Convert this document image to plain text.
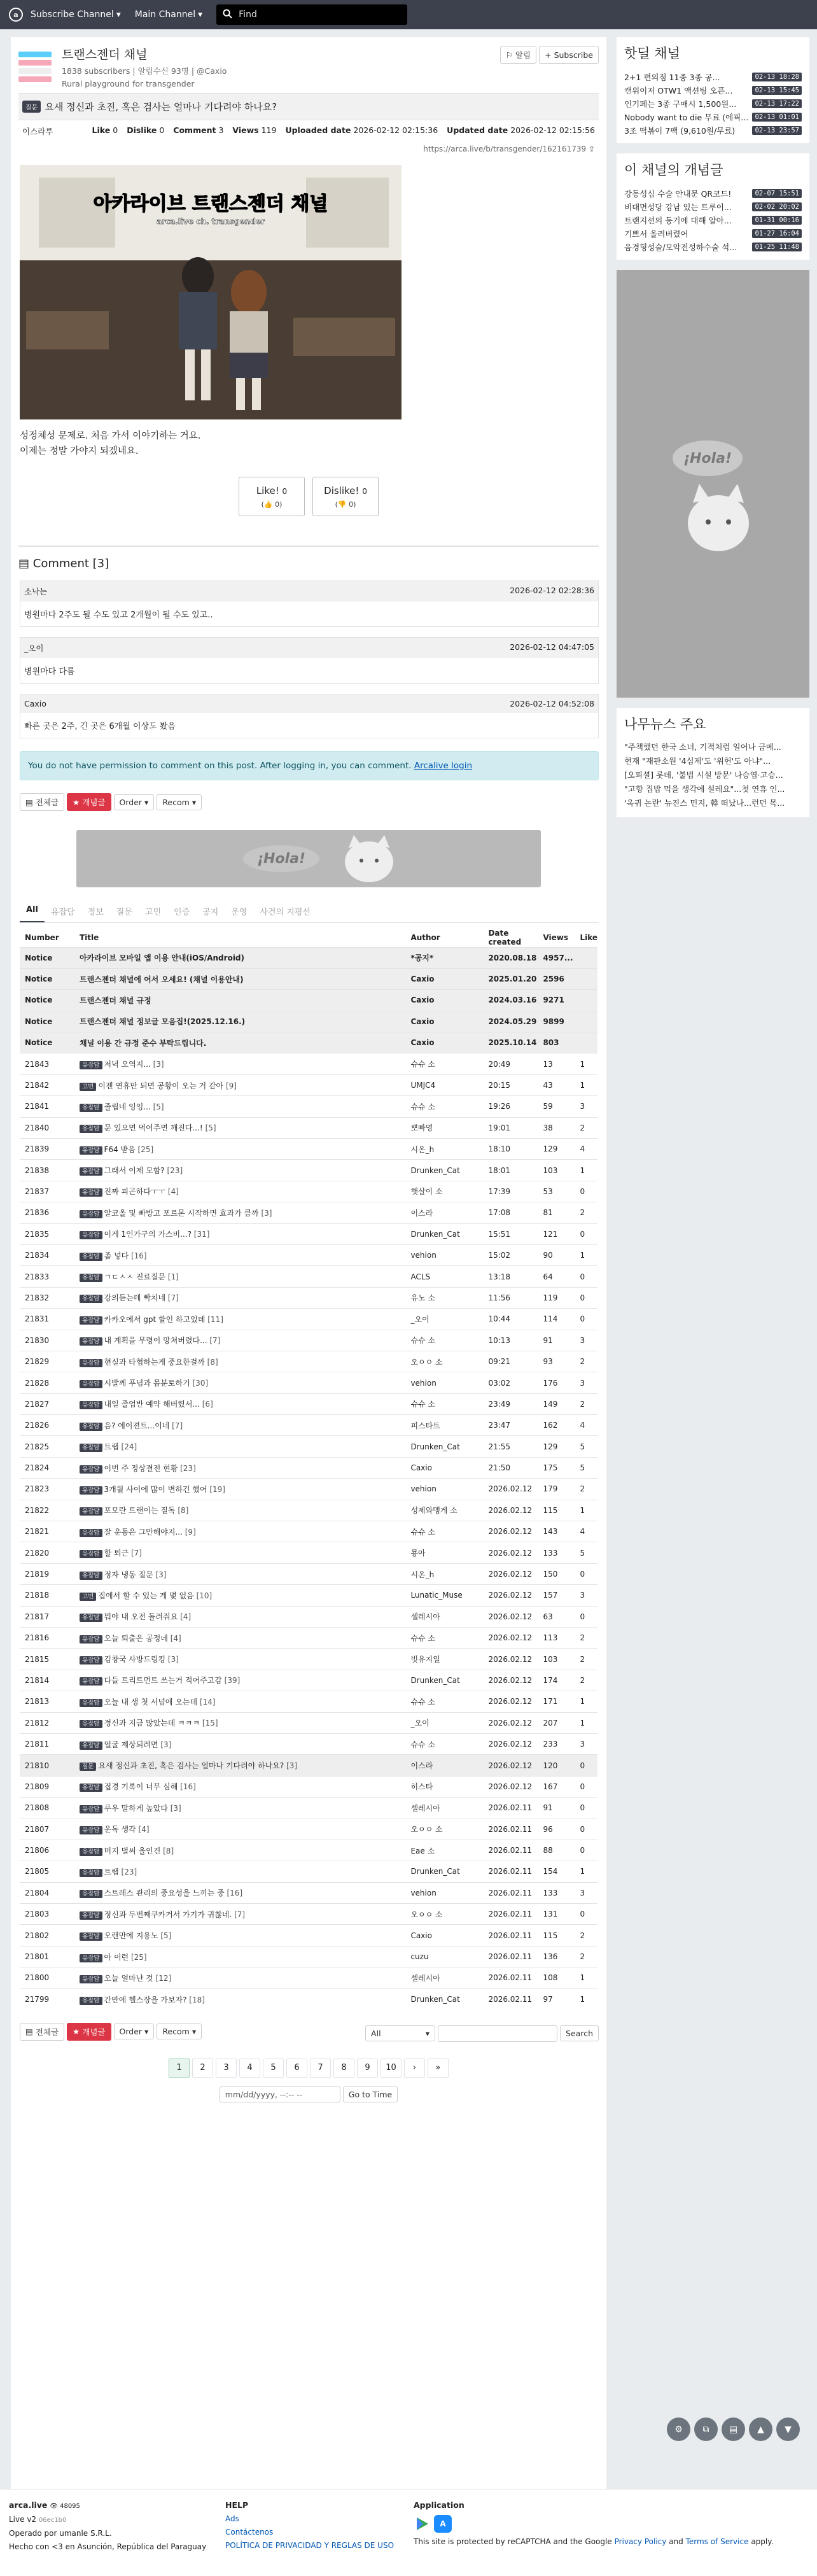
a	Subscribe Channel ▾ Main Channel ▾	Find
트랜스젠더 채널
1838 subscribers | 알림수신 93명 | @Caxio
Rural playground for transgender
⚐ 알림 + Subscribe
질문 요새 정신과 초진, 혹은 검사는 얼마나 기다려야 하나요?
이스라루	Like 0 Dislike 0 Comment 3 Views 119 Uploaded date 2026-02-12 02:15:36 Updated date 2026-02-12 02:15:56
https://arca.live/b/transgender/162161739 ⇪
아카라이브 트랜스젠더 채널
arca.live ch. transgender
성정체성 문제로. 처음 가서 이야기하는 거요.
이제는 정말 가야지 되겠네요.
Like! 0
(👍 0)
Dislike! 0
(👎 0)
▤ Comment [3]
소낙는	2026-02-12 02:28:36
병원마다 2주도 될 수도 있고 2개월이 될 수도 있고..
_오이	2026-02-12 04:47:05
병원마다 다름
Caxio	2026-02-12 04:52:08
빠른 곳은 2주, 긴 곳은 6개월 이상도 봤음
You do not have permission to comment on this post. After logging in, you can comment. Arcalive login
▤ 전체글 ★ 개념글 Order ▾ Recom ▾
¡Hola!
All	유잡담	정보	질문	고민	인증	공지	운영	사건의 지평선
Number	Title	Author	Date created	Views	Like
Notice	아카라이브 모바일 앱 이용 안내(iOS/Android)	*공지*	2020.08.18	4957...	
Notice	트랜스젠더 채널에 어서 오세요! (채널 이용안내)	Caxio	2025.01.20	2596	
Notice	트랜스젠더 채널 규정	Caxio	2024.03.16	9271	
Notice	트랜스젠더 채널 정보글 모음집!(2025.12.16.)	Caxio	2024.05.29	9899	
Notice	채널 이용 간 규정 준수 부탁드립니다.	Caxio	2025.10.14	803	
21843	유잡담 저녁 오역지... [3]	슈슈 소	20:49	13	1
21842	고민 이젠 연휴만 되면 공황이 오는 거 같아 [9]	UMJC4	20:15	43	1
21841	유잡담 졸립네 잉잉... [5]	슈슈 소	19:26	59	3
21840	유잡담 문 있으면 먹어주면 깨진다...! [5]	뽀빠영	19:01	38	2
21839	유잡담 F64 받음 [25]	시온_h	18:10	129	4
21838	유잡담 그래서 이제 모함? [23]	Drunken_Cat	18:01	103	1
21837	유잡담 진짜 피곤하다ㅜㅜ [4]	햇살이 소	17:39	53	0
21836	유잡담 알코올 및 빠방고 포르몬 시작하면 효과가 큼까 [3]	이스라	17:08	81	2
21835	유잡담 이게 1인가구의 가스비...? [31]	Drunken_Cat	15:51	121	0
21834	유잡담 좀 넣다 [16]	vehion	15:02	90	1
21833	유잡담 ㄱㄷㅅㅅ 진료질문 [1]	ACLS	13:18	64	0
21832	유잡담 강의듣는데 빡치네 [7]	유노 소	11:56	119	0
21831	유잡담 카카오에서 gpt 할인 하고있데 [11]	_오이	10:44	114	0
21830	유잡담 내 계획을 무령이 망쳐버렸다... [7]	슈슈 소	10:13	91	3
21829	유잡담 현실과 타협하는게 중요한걸까 [8]	오ㅇㅇ 소	09:21	93	2
21828	유잡담 시발께 푸념과 몸분토하기 [30]	vehion	03:02	176	3
21827	유잡담 내일 졸업반 예약 해버렸서... [6]	슈슈 소	23:49	149	2
21826	유잡담 음? 에이젼트...이네 [7]	피스타트	23:47	162	4
21825	유잡담 트랩 [24]	Drunken_Cat	21:55	129	5
21824	유잡담 이번 주 정상결전 현황 [23]	Caxio	21:50	175	5
21823	유잡담 3개월 사이에 많이 변하긴 했어 [19]	vehion	2026.02.12	179	2
21822	유잡담 포모란 트랜이는 질독 [8]	성제와맹게 소	2026.02.12	115	1
21821	유잡담 잘 운동은 그만해야지... [9]	슈슈 소	2026.02.12	143	4
21820	유잡담 할 퇴근 [7]	묭아	2026.02.12	133	5
21819	유잡담 정자 냉동 질문 [3]	시온_h	2026.02.12	150	0
21818	고민 집에서 할 수 있는 게 몇 없음 [10]	Lunatic_Muse	2026.02.12	157	3
21817	유잡담 뭐야 내 오전 돌려줘요 [4]	셀레시아	2026.02.12	63	0
21816	유잡담 오늘 퇴출은 공정네 [4]	슈슈 소	2026.02.12	113	2
21815	유잡담 김창국 사방드링킹 [3]	빗유지일	2026.02.12	103	2
21814	유잡담 다들 트리트먼트 쓰는거 적어주고감 [39]	Drunken_Cat	2026.02.12	174	2
21813	유잡담 오늘 내 생 첫 서넘에 오는데 [14]	슈슈 소	2026.02.12	171	1
21812	유잡담 정신과 지금 많았는데 ㅋㅋㅋ [15]	_오이	2026.02.12	207	1
21811	유잡담 얼굴 제상되려면 [3]	슈슈 소	2026.02.12	233	3
21810	질문 요새 정신과 초진, 혹은 검사는 얼마나 기다려야 하나요? [3]	이스라	2026.02.12	120	0
21809	유잡담 접경 기록이 너무 심해 [16]	히스타	2026.02.12	167	0
21808	유잡담 루우 말하게 높았다 [3]	셀레시아	2026.02.11	91	0
21807	유잡담 운독 생각 [4]	오ㅇㅇ 소	2026.02.11	96	0
21806	유잡담 머지 벌써 올인건 [8]	Eae 소	2026.02.11	88	0
21805	유잡담 트랩 [23]	Drunken_Cat	2026.02.11	154	1
21804	유잡담 스트레스 관리의 중요성을 느끼는 중 [16]	vehion	2026.02.11	133	3
21803	유잡담 정신과 두번째쿠카거서 가기가 귀찮네. [7]	오ㅇㅇ 소	2026.02.11	131	0
21802	유잡담 오랜만에 지용노 [5]	Caxio	2026.02.11	115	2
21801	유잡담 아 이런 [25]	cuzu	2026.02.11	136	2
21800	유잡담 오늘 얼마냔 것 [12]	셀레시아	2026.02.11	108	1
21799	유잡담 간만에 헬스장을 가보자? [18]	Drunken_Cat	2026.02.11	97	1
▤ 전체글 ★ 개념글 Order ▾ Recom ▾	All	▾	Search
1	2	3	4	5	6	7	8	9	10	›	»
mm/dd/yyyy, --:-- --	Go to Time
핫딜 채널
2+1 편의점 11종 3종 공...	02-13 18:28
캔위이저 OTW1 액션팅 오픈...	02-13 15:45
인기페는 3종 구매시 1,500원...	02-13 17:22
Nobody want to die 무료 (에픽... 02-13 01:01
3조 떡볶이 7팩 (9,610원/무료)	02-13 23:57
이 채널의 개념글
강동성심 수술 안내문 QR코드!	02-07 15:51
비대면성당 강남 있는 트루이...	02-02 20:02
트랜지션의 동기에 대해 알아...	01-31 00:16
기쁘서 올려버렸어	01-27 16:04
음경형성술/모악전성하수술 석...	01-25 11:48
¡Hola!
나무뉴스 주요
"주책했던 한국 소녀, 기적처럼 일어나 금메...
현재 "재판소원 '4심제'도 '위헌'도 아냐"...
[오피셜] 롯데, '불법 시설 방문' 나승엽·고승...
"고향 집밥 먹을 생각에 설레요"...첫 연휴 인...
'옥귀 논란' 뉴진스 민지, 韓 떠났나...런던 목...
⚙	⧉	▤	▲	▼
arca.live 👁 48095
Live v2 06ec1b0
Operado por umanle S.R.L.
Hecho con <3 en Asunción, República del Paraguay
HELP
Ads
Contáctenos
POLÍTICA DE PRIVACIDAD Y REGLAS DE USO
Application
A
This site is protected by reCAPTCHA and the Google Privacy Policy and Terms of Service apply.
